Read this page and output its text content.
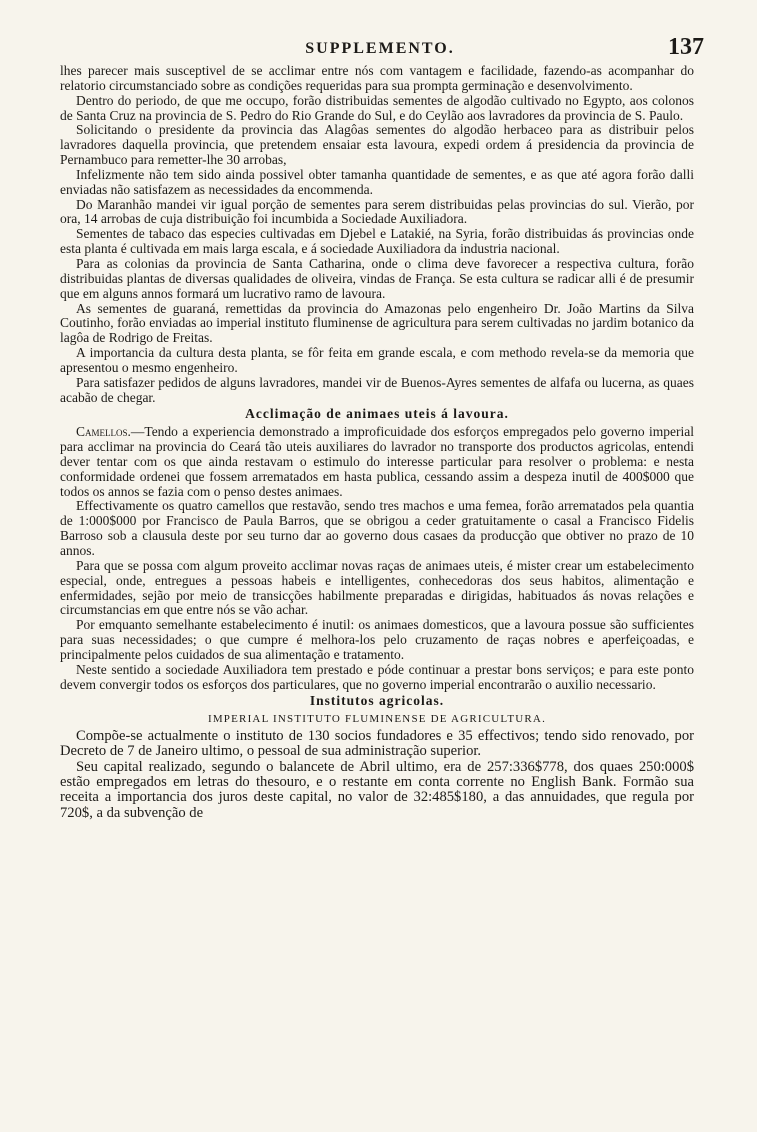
SUPPLEMENTO.	137

lhes parecer mais susceptivel de se acclimar entre nós com vantagem e facilidade, fazendo-as acompanhar do relatorio circumstanciado sobre as condições requeridas para sua prompta germinação e desenvolvimento.

Dentro do periodo, de que me occupo, forão distribuidas sementes de algodão cultivado no Egypto, aos colonos de Santa Cruz na provincia de S. Pedro do Rio Grande do Sul, e do Ceylão aos lavradores da provincia de S. Paulo.

Solicitando o presidente da provincia das Alagôas sementes do algodão herbaceo para as distribuir pelos lavradores daquella provincia, que pretendem ensaiar esta lavoura, expedi ordem á presidencia da provincia de Pernambuco para remetter-lhe 30 arrobas,

Infelizmente não tem sido ainda possivel obter tamanha quantidade de sementes, e as que até agora forão dalli enviadas não satisfazem as necessidades da encommenda.

Do Maranhão mandei vir igual porção de sementes para serem distribuidas pelas provincias do sul. Vierão, por ora, 14 arrobas de cuja distribuição foi incumbida a Sociedade Auxiliadora.

Sementes de tabaco das especies cultivadas em Djebel e Latakié, na Syria, forão distribuidas ás provincias onde esta planta é cultivada em mais larga escala, e á sociedade Auxiliadora da industria nacional.

Para as colonias da provincia de Santa Catharina, onde o clima deve favorecer a respectiva cultura, forão distribuidas plantas de diversas qualidades de oliveira, vindas de França. Se esta cultura se radicar alli é de presumir que em alguns annos formará um lucrativo ramo de lavoura.

As sementes de guaraná, remettidas da provincia do Amazonas pelo engenheiro Dr. João Martins da Silva Coutinho, forão enviadas ao imperial instituto fluminense de agricultura para serem cultivadas no jardim botanico da lagôa de Rodrigo de Freitas.

A importancia da cultura desta planta, se fôr feita em grande escala, e com methodo revela-se da memoria que apresentou o mesmo engenheiro.

Para satisfazer pedidos de alguns lavradores, mandei vir de Buenos-Ayres sementes de alfafa ou lucerna, as quaes acabão de chegar.

Acclimação de animaes uteis á lavoura.

Camellos.—Tendo a experiencia demonstrado a improficuidade dos esforços empregados pelo governo imperial para acclimar na provincia do Ceará tão uteis auxiliares do lavrador no transporte dos productos agricolas, entendi dever tentar com os que ainda restavam o estimulo do interesse particular para resolver o problema: e nesta conformidade ordenei que fossem arrematados em hasta publica, cessando assim a despeza inutil de 400$000 que todos os annos se fazia com o penso destes animaes.

Effectivamente os quatro camellos que restavão, sendo tres machos e uma femea, forão arrematados pela quantia de 1:000$000 por Francisco de Paula Barros, que se obrigou a ceder gratuitamente o casal a Francisco Fidelis Barroso sob a clausula deste por seu turno dar ao governo dous casaes da producção que obtiver no prazo de 10 annos.

Para que se possa com algum proveito acclimar novas raças de animaes uteis, é mister crear um estabelecimento especial, onde, entregues a pessoas habeis e intelligentes, conhecedoras dos seus habitos, alimentação e enfermidades, sejão por meio de transicções habilmente preparadas e dirigidas, habituados ás novas relações e circumstancias em que entre nós se vão achar.

Por emquanto semelhante estabelecimento é inutil: os animaes domesticos, que a lavoura possue são sufficientes para suas necessidades; o que cumpre é melhora-los pelo cruzamento de raças nobres e aperfeiçoadas, e principalmente pelos cuidados de sua alimentação e tratamento.

Neste sentido a sociedade Auxiliadora tem prestado e póde continuar a prestar bons serviços; e para este ponto devem convergir todos os esforços dos particulares, que no governo imperial encontrarão o auxilio necessario.

Institutos agricolas.
IMPERIAL INSTITUTO FLUMINENSE DE AGRICULTURA.

Compõe-se actualmente o instituto de 130 socios fundadores e 35 effectivos; tendo sido renovado, por Decreto de 7 de Janeiro ultimo, o pessoal de sua administração superior.

Seu capital realizado, segundo o balancete de Abril ultimo, era de 257:336$778, dos quaes 250:000$ estão empregados em letras do thesouro, e o restante em conta corrente no English Bank. Formão sua receita a importancia dos juros deste capital, no valor de 32:485$180, a das annuidades, que regula por 720$, a da subvenção de
